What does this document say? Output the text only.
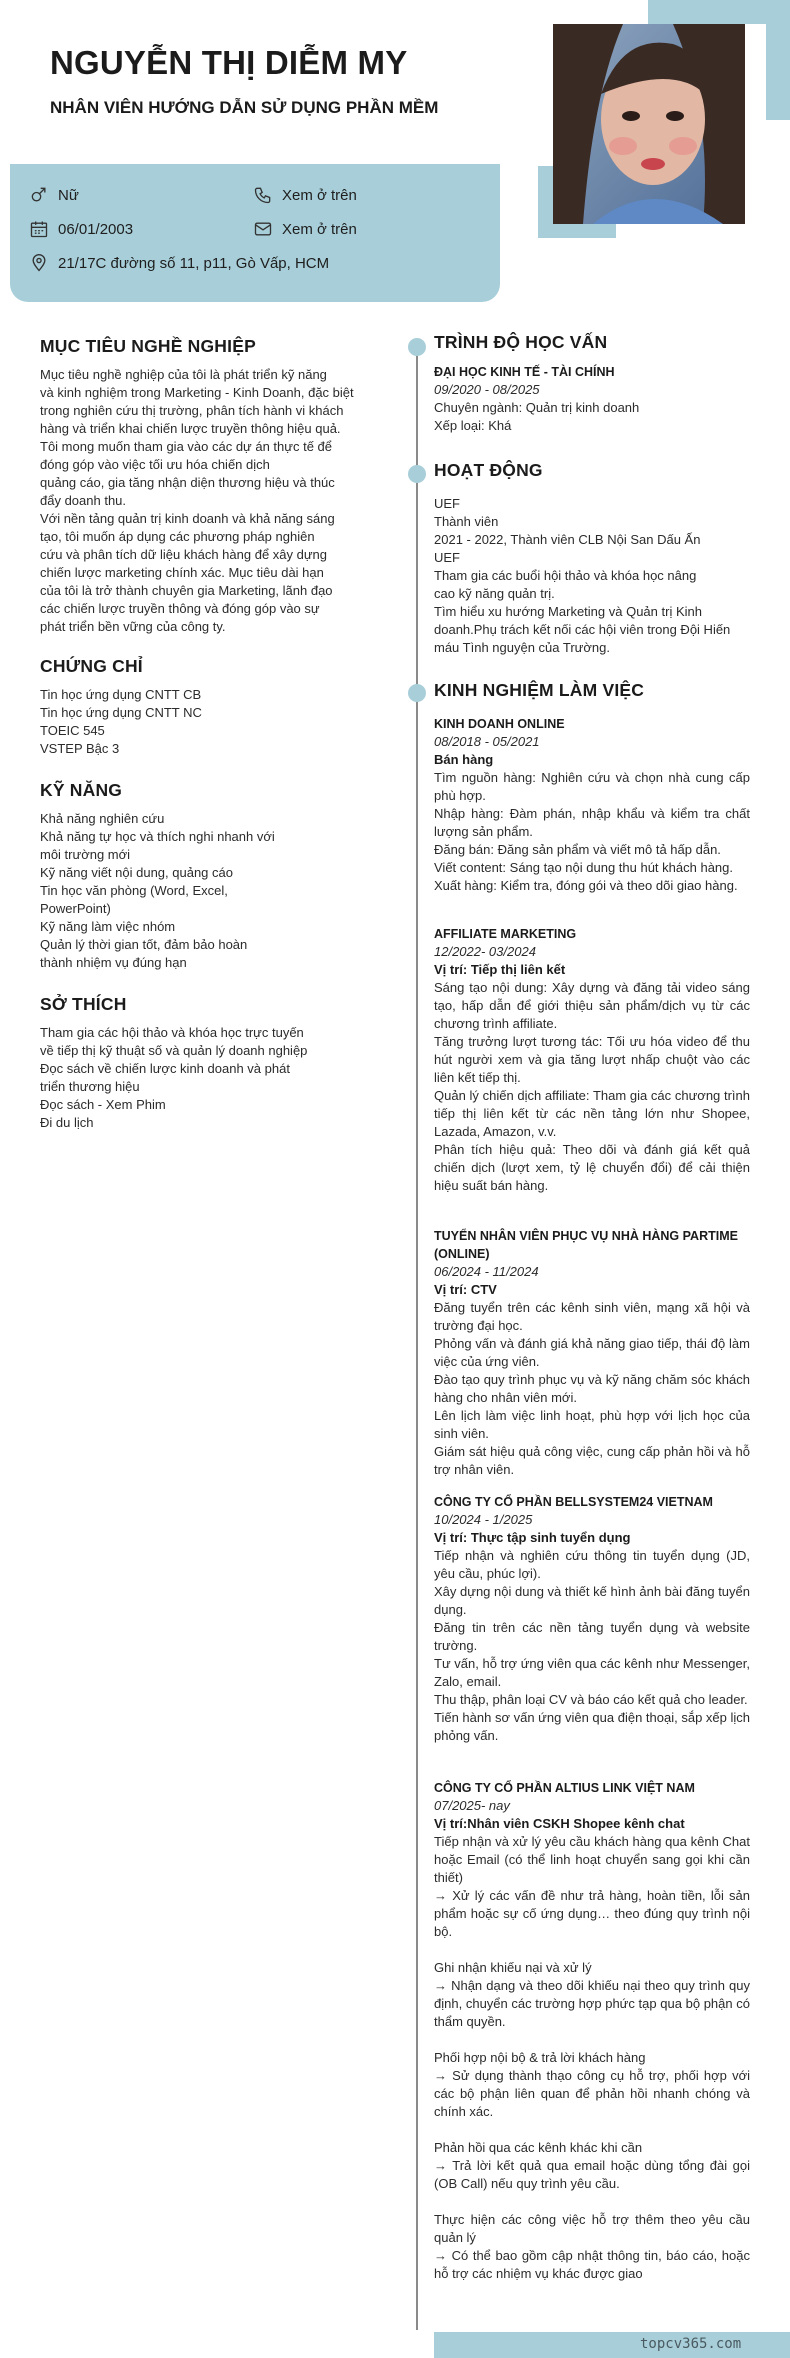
NGUYỄN THỊ DIỄM MY
NHÂN VIÊN HƯỚNG DẪN SỬ DỤNG PHẦN MỀM
Nữ
06/01/2003
21/17C đường số 11, p11, Gò Vấp, HCM
Xem ở trên
Xem ở trên
MỤC TIÊU NGHỀ NGHIỆP

Mục tiêu nghề nghiệp của tôi là phát triển kỹ năng

và kinh nghiệm trong Marketing - Kinh Doanh, đặc biệt

trong nghiên cứu thị trường, phân tích hành vi khách

hàng và triển khai chiến lược truyền thông hiệu quả.

Tôi mong muốn tham gia vào các dự án thực tế để

đóng góp vào việc tối ưu hóa chiến dịch

quảng cáo, gia tăng nhận diện thương hiệu và thúc

đẩy doanh thu.

Với nền tảng quản trị kinh doanh và khả năng sáng

tạo, tôi muốn áp dụng các phương pháp nghiên

cứu và phân tích dữ liệu khách hàng để xây dựng

chiến lược marketing chính xác. Mục tiêu dài hạn

của tôi là trở thành chuyên gia Marketing, lãnh đạo

các chiến lược truyền thông và đóng góp vào sự

phát triển bền vững của công ty.

CHỨNG CHỈ

Tin học ứng dụng CNTT CB

Tin học ứng dụng CNTT NC

TOEIC 545

VSTEP Bậc 3

KỸ NĂNG

Khả năng nghiên cứu

Khả năng tự học và thích nghi nhanh với

môi trường mới

Kỹ năng viết nội dung, quảng cáo

Tin học văn phòng (Word, Excel,

PowerPoint)

Kỹ năng làm việc nhóm

Quản lý thời gian tốt, đảm bảo hoàn

thành nhiệm vụ đúng hạn

SỞ THÍCH

Tham gia các hội thảo và khóa học trực tuyến

về tiếp thị kỹ thuật số và quản lý doanh nghiệp

Đọc sách về chiến lược kinh doanh và phát

triển thương hiệu

Đọc sách - Xem Phim

Đi du lịch

TRÌNH ĐỘ HỌC VẤN
ĐẠI HỌC KINH TẾ - TÀI CHÍNH
09/2020 - 08/2025

Chuyên ngành: Quản trị kinh doanh

Xếp loại: Khá

HOẠT ĐỘNG

UEF

Thành viên

2021 - 2022, Thành viên CLB Nội San Dấu Ấn

UEF

Tham gia các buổi hội thảo và khóa học nâng

cao kỹ năng quản trị.

Tìm hiểu xu hướng Marketing và Quản trị Kinh

doanh.Phụ trách kết nối các hội viên trong Đội Hiến

máu Tình nguyện của Trường.

KINH NGHIỆM LÀM VIỆC
KINH DOANH ONLINE
08/2018 - 05/2021
Bán hàng

Tìm nguồn hàng: Nghiên cứu và chọn nhà cung cấp phù hợp.

Nhập hàng: Đàm phán, nhập khẩu và kiểm tra chất lượng sản phẩm.

Đăng bán: Đăng sản phẩm và viết mô tả hấp dẫn.

Viết content: Sáng tạo nội dung thu hút khách hàng.

Xuất hàng: Kiểm tra, đóng gói và theo dõi giao hàng.

AFFILIATE MARKETING
12/2022- 03/2024
Vị trí: Tiếp thị liên kết

Sáng tạo nội dung: Xây dựng và đăng tải video sáng tạo, hấp dẫn để giới thiệu sản phẩm/dịch vụ từ các chương trình affiliate.

Tăng trưởng lượt tương tác: Tối ưu hóa video để thu hút người xem và gia tăng lượt nhấp chuột vào các liên kết tiếp thị.

Quản lý chiến dịch affiliate: Tham gia các chương trình tiếp thị liên kết từ các nền tảng lớn như Shopee, Lazada, Amazon, v.v.

Phân tích hiệu quả: Theo dõi và đánh giá kết quả chiến dịch (lượt xem, tỷ lệ chuyển đổi) để cải thiện hiệu suất bán hàng.

TUYỂN NHÂN VIÊN PHỤC VỤ NHÀ HÀNG PARTIME (ONLINE)
06/2024 - 11/2024
Vị trí: CTV

Đăng tuyển trên các kênh sinh viên, mạng xã hội và trường đại học.

Phỏng vấn và đánh giá khả năng giao tiếp, thái độ làm việc của ứng viên.

Đào tạo quy trình phục vụ và kỹ năng chăm sóc khách hàng cho nhân viên mới.

Lên lịch làm việc linh hoạt, phù hợp với lịch học của sinh viên.

Giám sát hiệu quả công việc, cung cấp phản hồi và hỗ trợ nhân viên.

CÔNG TY CỔ PHẦN BELLSYSTEM24 VIETNAM
10/2024 - 1/2025
Vị trí: Thực tập sinh tuyển dụng

Tiếp nhận và nghiên cứu thông tin tuyển dụng (JD, yêu cầu, phúc lợi).

Xây dựng nội dung và thiết kế hình ảnh bài đăng tuyển dụng.

Đăng tin trên các nền tảng tuyển dụng và website trường.

Tư vấn, hỗ trợ ứng viên qua các kênh như Messenger, Zalo, email.

Thu thập, phân loại CV và báo cáo kết quả cho leader.

Tiến hành sơ vấn ứng viên qua điện thoại, sắp xếp lịch phỏng vấn.

CÔNG TY CỔ PHẦN ALTIUS LINK VIỆT NAM
07/2025- nay
Vị trí:Nhân viên CSKH Shopee kênh chat

Tiếp nhận và xử lý yêu cầu khách hàng qua kênh Chat hoặc Email (có thể linh hoạt chuyển sang gọi khi cần thiết)

→ Xử lý các vấn đề như trả hàng, hoàn tiền, lỗi sản phẩm hoặc sự cố ứng dụng… theo đúng quy trình nội bộ.

Ghi nhận khiếu nại và xử lý

→ Nhận dạng và theo dõi khiếu nại theo quy trình quy định, chuyển các trường hợp phức tạp qua bộ phận có thẩm quyền.

Phối hợp nội bộ & trả lời khách hàng

→ Sử dụng thành thạo công cụ hỗ trợ, phối hợp với các bộ phận liên quan để phản hồi nhanh chóng và chính xác.

Phản hồi qua các kênh khác khi cần

→ Trả lời kết quả qua email hoặc dùng tổng đài gọi (OB Call) nếu quy trình yêu cầu.

Thực hiện các công việc hỗ trợ thêm theo yêu cầu quản lý

→ Có thể bao gồm cập nhật thông tin, báo cáo, hoặc hỗ trợ các nhiệm vụ khác được giao

topcv365.com
